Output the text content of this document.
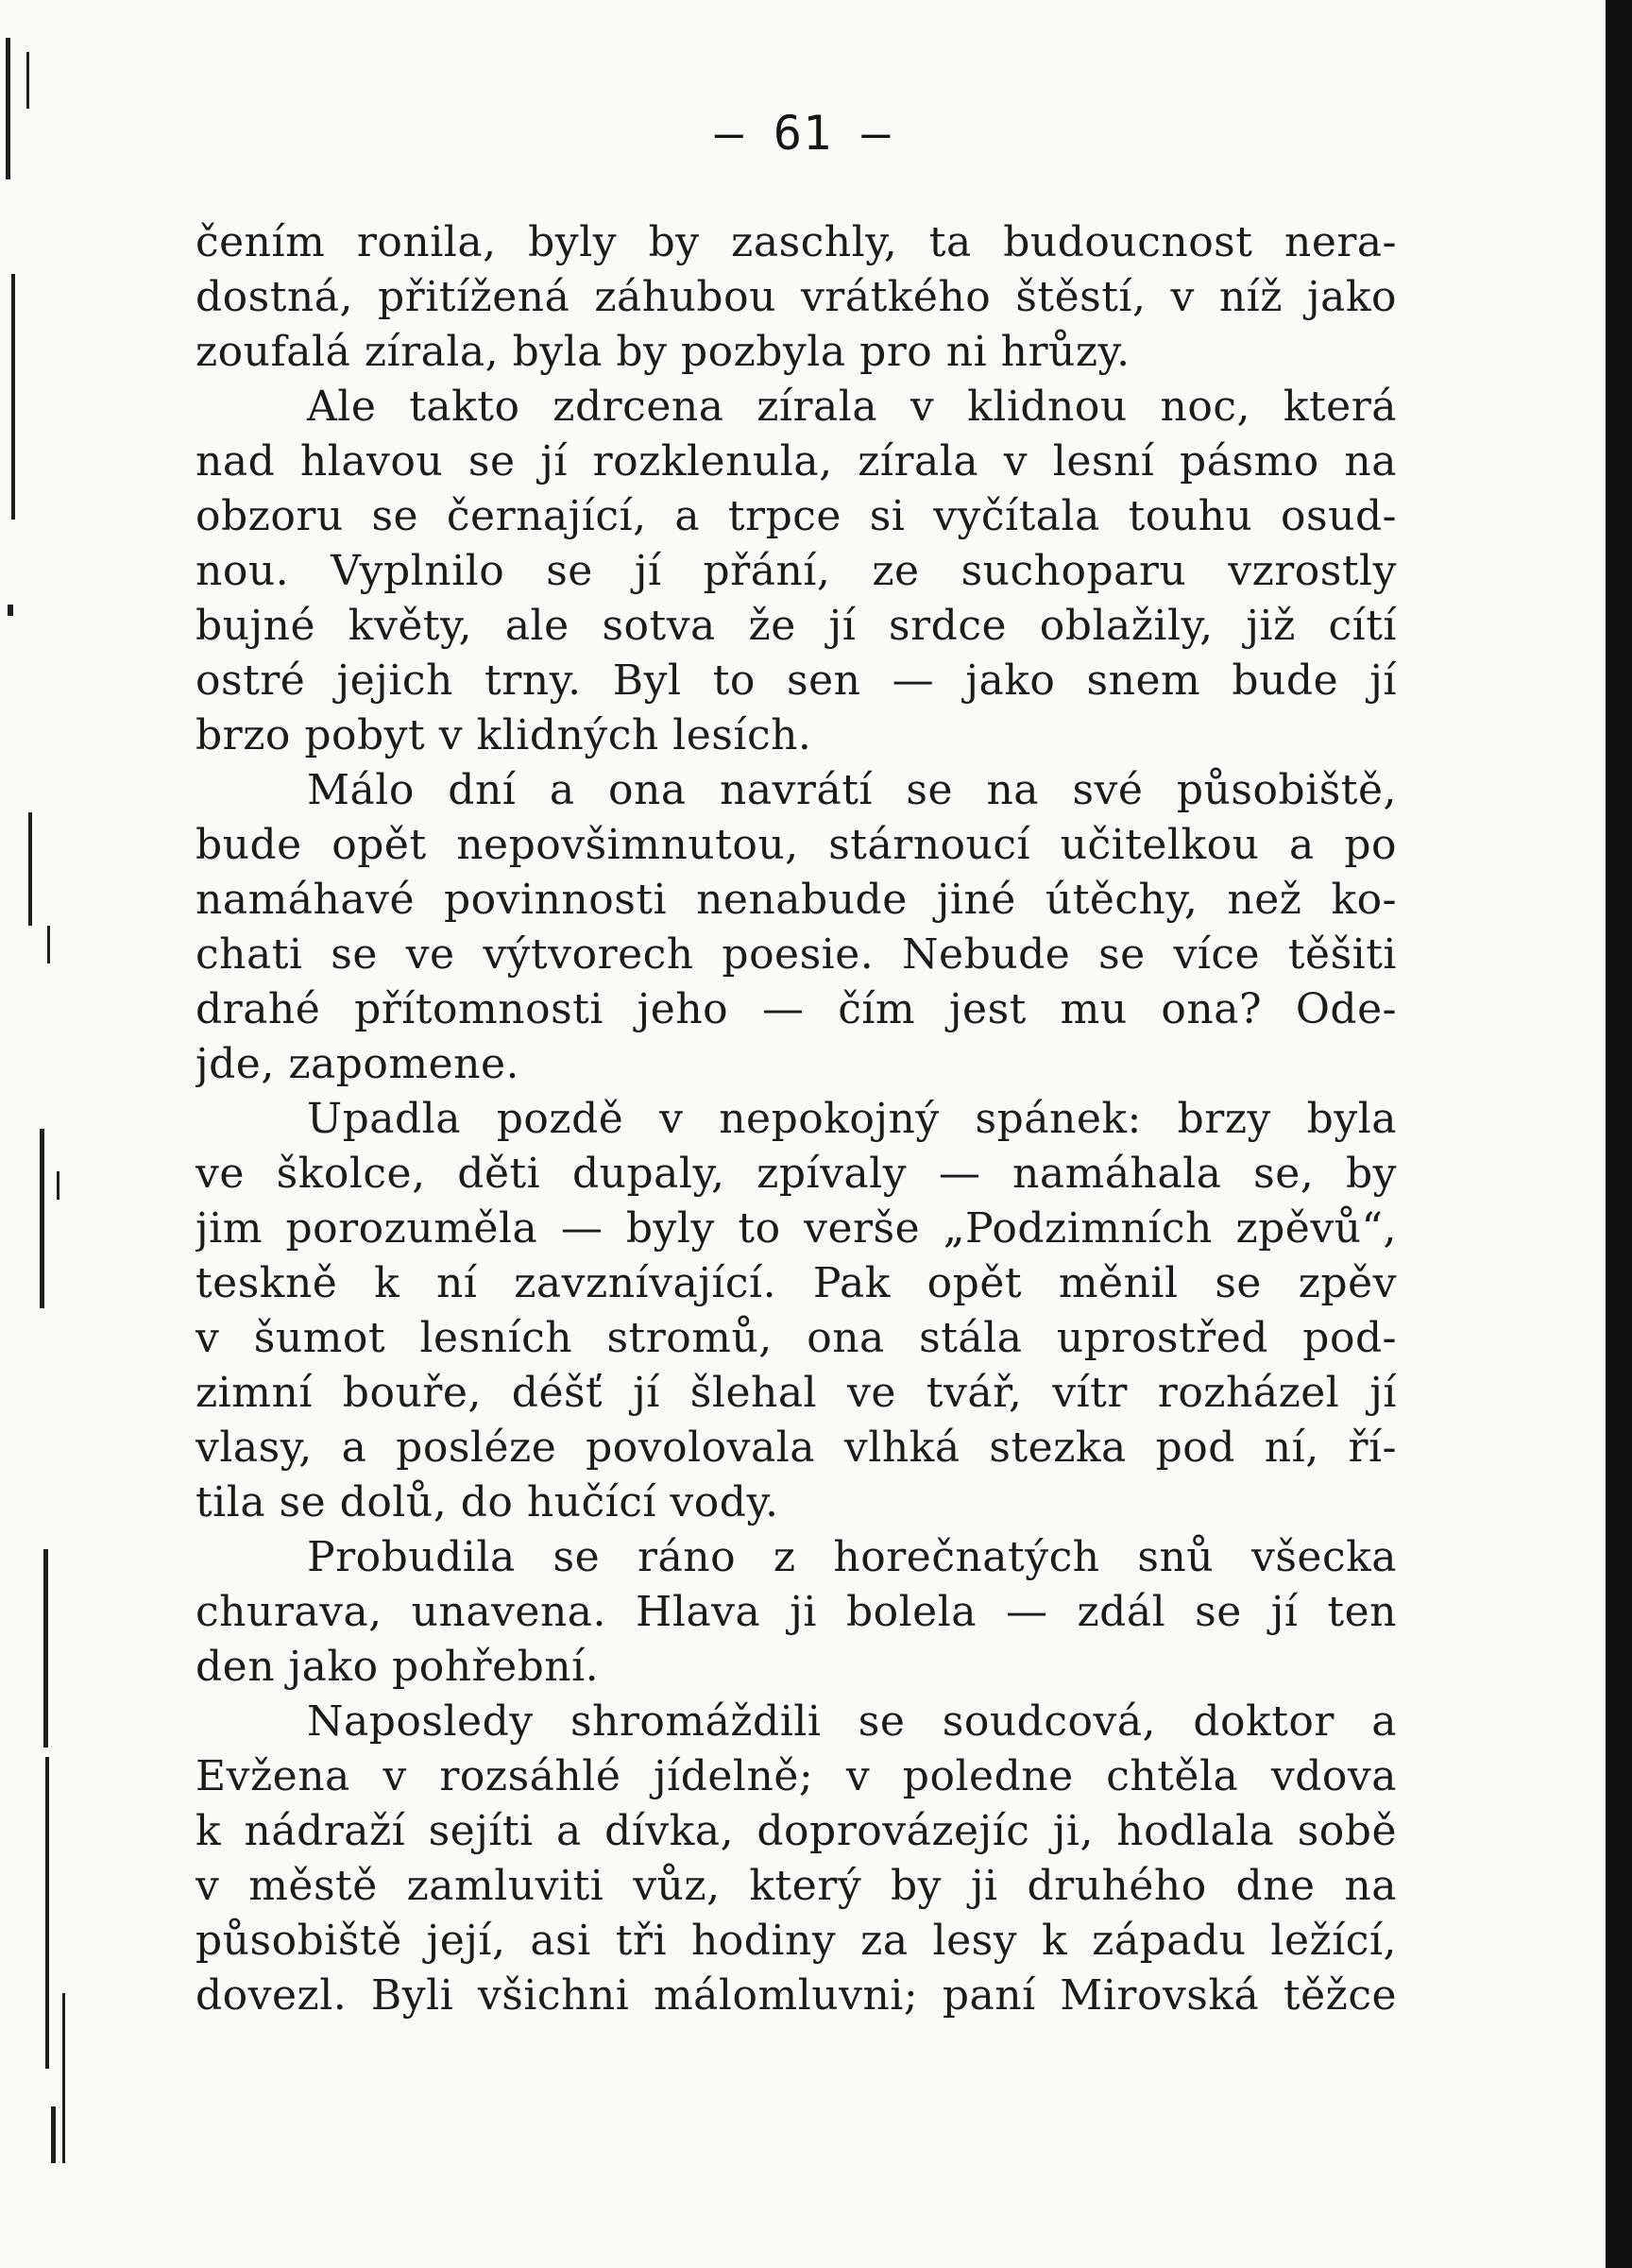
— 61 —
čením ronila, byly by zaschly, ta budoucnost nera-
dostná, přitížená záhubou vrátkého štěstí, v níž jako
zoufalá zírala, byla by pozbyla pro ni hrůzy.
Ale takto zdrcena zírala v klidnou noc, která
nad hlavou se jí rozklenula, zírala v lesní pásmo na
obzoru se černající, a trpce si vyčítala touhu osud-
nou. Vyplnilo se jí přání, ze suchoparu vzrostly
bujné květy, ale sotva že jí srdce oblažily, již cítí
ostré jejich trny. Byl to sen — jako snem bude jí
brzo pobyt v klidných lesích.
Málo dní a ona navrátí se na své působiště,
bude opět nepovšimnutou, stárnoucí učitelkou a po
namáhavé povinnosti nenabude jiné útěchy, než ko-
chati se ve výtvorech poesie. Nebude se více těšiti
drahé přítomnosti jeho — čím jest mu ona? Ode-
jde, zapomene.
Upadla pozdě v nepokojný spánek: brzy byla
ve školce, děti dupaly, zpívaly — namáhala se, by
jim porozuměla — byly to verše „Podzimních zpěvů“,
teskně k ní zavznívající. Pak opět měnil se zpěv
v šumot lesních stromů, ona stála uprostřed pod-
zimní bouře, déšť jí šlehal ve tvář, vítr rozházel jí
vlasy, a posléze povolovala vlhká stezka pod ní, ří-
tila se dolů, do hučící vody.
Probudila se ráno z horečnatých snů všecka
churava, unavena. Hlava ji bolela — zdál se jí ten
den jako pohřební.
Naposledy shromáždili se soudcová, doktor a
Evžena v rozsáhlé jídelně; v poledne chtěla vdova
k nádraží sejíti a dívka, doprovázejíc ji, hodlala sobě
v městě zamluviti vůz, který by ji druhého dne na
působiště její, asi tři hodiny za lesy k západu ležící,
dovezl. Byli všichni málomluvni; paní Mirovská těžce
